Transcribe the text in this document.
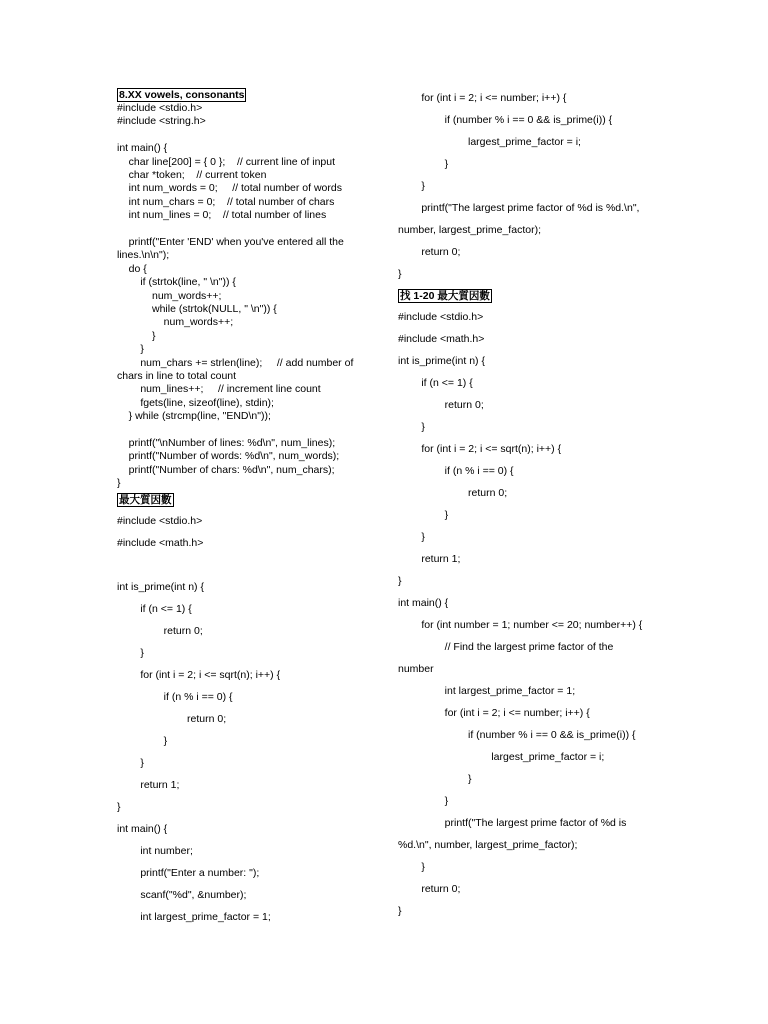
8.XX vowels, consonants
#include <stdio.h>
#include <string.h>
int main() {
char line[200] = { 0 };    // current line of input
char *token;    // current token
int num_words = 0;     // total number of words
int num_chars = 0;    // total number of chars
int num_lines = 0;    // total number of lines
printf("Enter 'END' when you've entered all the
lines.\n\n");
do {
if (strtok(line, " \n")) {
num_words++;
while (strtok(NULL, " \n")) {
num_words++;
}
}
num_chars += strlen(line);     // add number of
chars in line to total count
num_lines++;     // increment line count
fgets(line, sizeof(line), stdin);
} while (strcmp(line, "END\n"));
printf("\nNumber of lines: %d\n", num_lines);
printf("Number of words: %d\n", num_words);
printf("Number of chars: %d\n", num_chars);
}
最大質因數
#include <stdio.h>
#include <math.h>
int is_prime(int n) {
if (n <= 1) {
return 0;
}
for (int i = 2; i <= sqrt(n); i++) {
if (n % i == 0) {
return 0;
}
}
return 1;
}
int main() {
int number;
printf("Enter a number: ");
scanf("%d", &number);
int largest_prime_factor = 1;
for (int i = 2; i <= number; i++) {
if (number % i == 0 && is_prime(i)) {
largest_prime_factor = i;
}
}
printf("The largest prime factor of %d is %d.\n",
number, largest_prime_factor);
return 0;
}
找 1-20 最大質因數
#include <stdio.h>
#include <math.h>
int is_prime(int n) {
if (n <= 1) {
return 0;
}
for (int i = 2; i <= sqrt(n); i++) {
if (n % i == 0) {
return 0;
}
}
return 1;
}
int main() {
for (int number = 1; number <= 20; number++) {
// Find the largest prime factor of the
number
int largest_prime_factor = 1;
for (int i = 2; i <= number; i++) {
if (number % i == 0 && is_prime(i)) {
largest_prime_factor = i;
}
}
printf("The largest prime factor of %d is
%d.\n", number, largest_prime_factor);
}
return 0;
}
